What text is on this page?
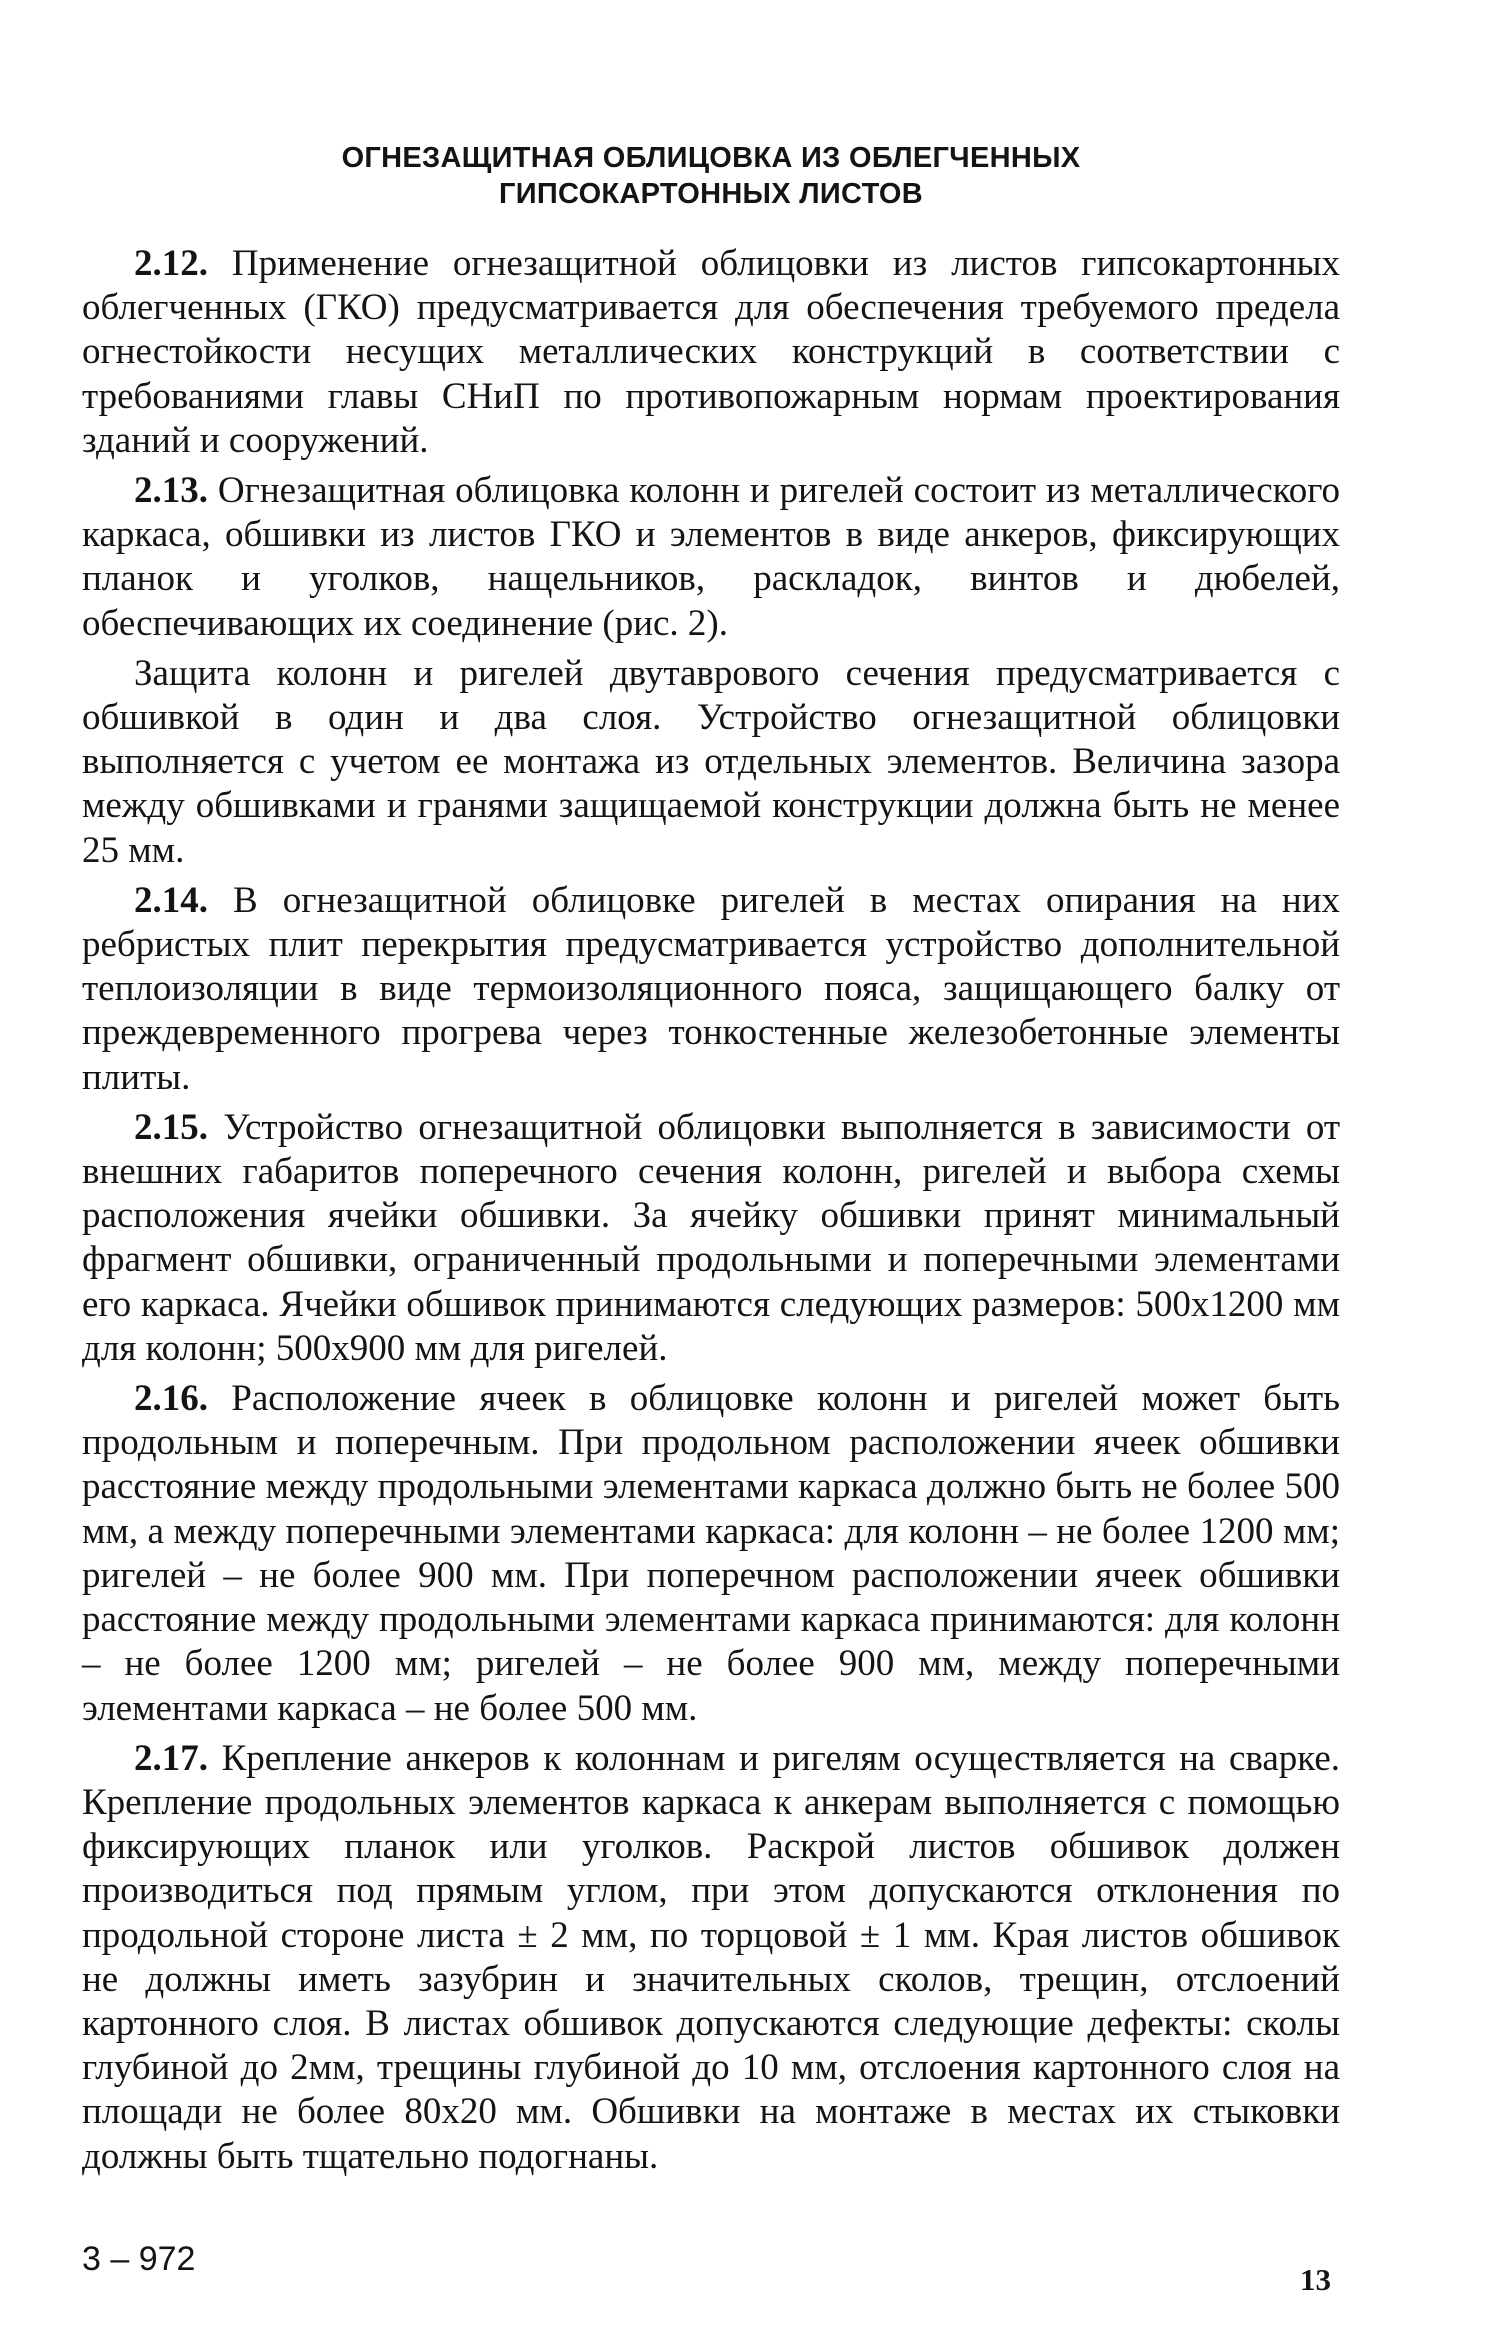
ОГНЕЗАЩИТНАЯ ОБЛИЦОВКА ИЗ ОБЛЕГЧЕННЫХ
ГИПСОКАРТОННЫХ ЛИСТОВ

2.12. Применение огнезащитной облицовки из листов гипсокартонных облегченных (ГКО) предусматривается для обеспечения требуемого предела огнестойкости несущих металлических конструкций в соответствии с требованиями главы СНиП по противопожарным нормам проектирования зданий и сооружений.

2.13. Огнезащитная облицовка колонн и ригелей состоит из металлического каркаса, обшивки из листов ГКО и элементов в виде анкеров, фиксирующих планок и уголков, нащельников, раскладок, винтов и дюбелей, обеспечивающих их соединение (рис. 2).

Защита колонн и ригелей двутаврового сечения предусматривается с обшивкой в один и два слоя. Устройство огнезащитной облицовки выполняется с учетом ее монтажа из отдельных элементов. Величина зазора между обшивками и гранями защищаемой конструкции должна быть не менее 25 мм.

2.14. В огнезащитной облицовке ригелей в местах опирания на них ребристых плит перекрытия предусматривается устройство дополнительной теплоизоляции в виде термоизоляционного пояса, защищающего балку от преждевременного прогрева через тонкостенные железобетонные элементы плиты.

2.15. Устройство огнезащитной облицовки выполняется в зависимости от внешних габаритов поперечного сечения колонн, ригелей и выбора схемы расположения ячейки обшивки. За ячейку обшивки принят минимальный фрагмент обшивки, ограниченный продольными и поперечными элементами его каркаса. Ячейки обшивок принимаются следующих размеров: 500х1200 мм для колонн; 500х900 мм для ригелей.

2.16. Расположение ячеек в облицовке колонн и ригелей может быть продольным и поперечным. При продольном расположении ячеек обшивки расстояние между продольными элементами каркаса должно быть не более 500 мм, а между поперечными элементами каркаса: для колонн – не более 1200 мм; ригелей – не более 900 мм. При поперечном расположении ячеек обшивки расстояние между продольными элементами каркаса принимаются: для колонн – не более 1200 мм; ригелей – не более 900 мм, между поперечными элементами каркаса – не более 500 мм.

2.17. Крепление анкеров к колоннам и ригелям осуществляется на сварке. Крепление продольных элементов каркаса к анкерам выполняется с помощью фиксирующих планок или уголков. Раскрой листов обшивок должен производиться под прямым углом, при этом допускаются отклонения по продольной стороне листа ± 2 мм, по торцовой ± 1 мм. Края листов обшивок не должны иметь зазубрин и значительных сколов, трещин, отслоений картонного слоя. В листах обшивок допускаются следующие дефекты: сколы глубиной до 2мм, трещины глубиной до 10 мм, отслоения картонного слоя на площади не более 80х20 мм. Обшивки на монтаже в местах их стыковки должны быть тщательно подогнаны.

3 – 972
13
